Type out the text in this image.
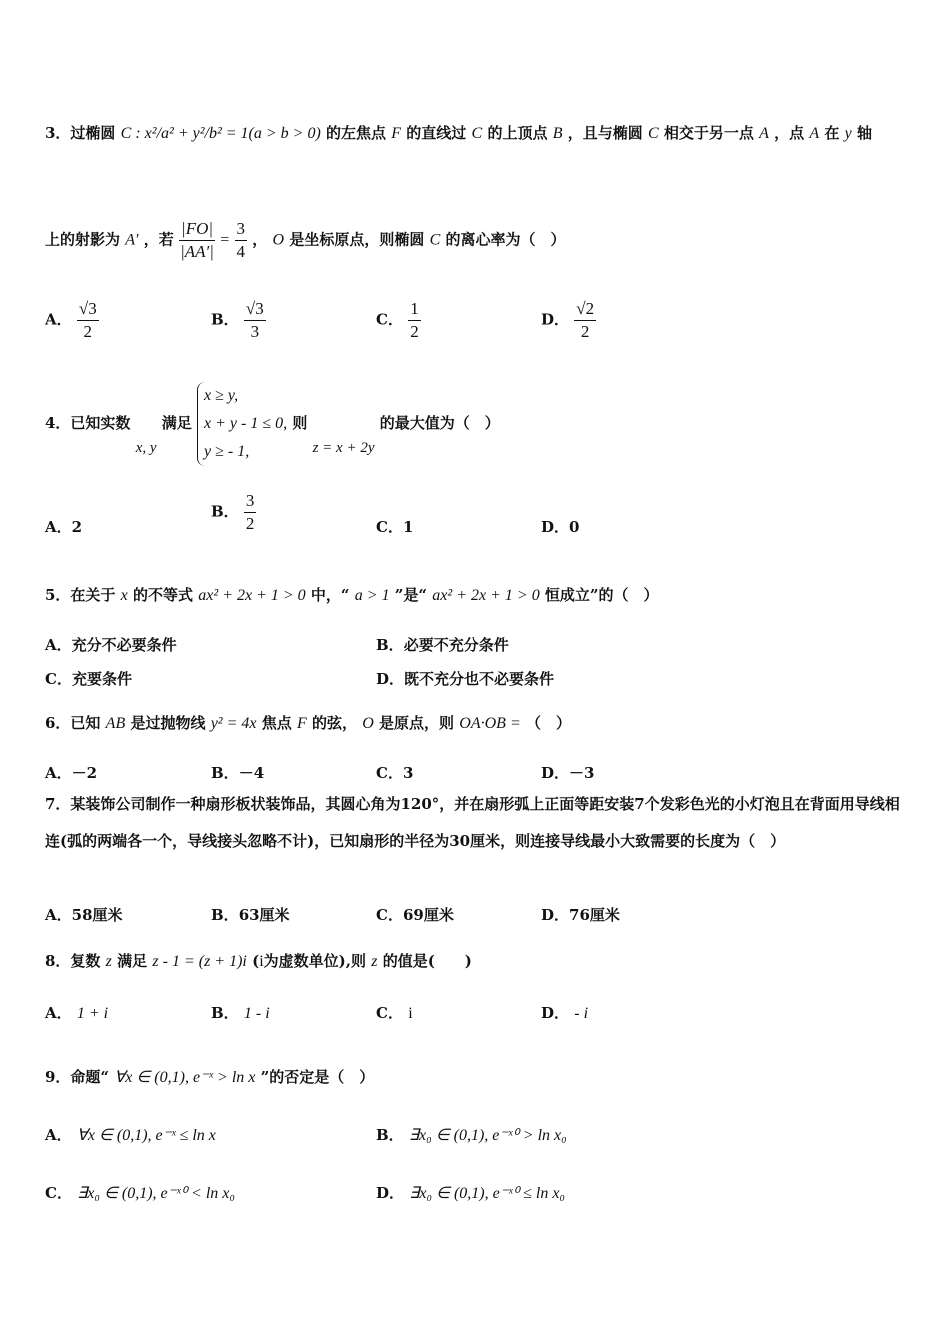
3．过椭圆 C : x²/a² + y²/b² = 1(a > b > 0) 的左焦点 F 的直线过 C 的上顶点 B ，且与椭圆 C 相交于另一点 A ，点 A 在 y 轴
上的射影为 A′ ，若 $\frac{|FO|}{|AA'|} = \frac{3}{4}$ ， O 是坐标原点，则椭圆 C 的离心率为（　）
A． $\frac{√3}{2}$	B． $\frac{√3}{3}$	C． $\frac{1}{2}$	D． $\frac{√2}{2}$
4．已知实数 x, y 满足
x ≥ y,
x + y - 1 ≤ 0,
y ≥ - 1,
则 z = x + 2y 的最大值为（　）
A．2
B． $\frac{3}{2}$	C．1	D．0
5．在关于 x 的不等式 ax² + 2x + 1 > 0 中，“ a > 1 ”是“ ax² + 2x + 1 > 0 恒成立”的（　）
A．充分不必要条件	B．必要不充分条件
C．充要条件	D．既不充分也不必要条件
6．已知 AB 是过抛物线 y² = 4x 焦点 F 的弦， O 是原点，则 OA·OB = （　）
A．－2	B．－4	C．3	D．－3
7．某装饰公司制作一种扇形板状装饰品，其圆心角为120°，并在扇形弧上正面等距安装7个发彩色光的小灯泡且在背面用导线相连(弧的两端各一个，导线接头忽略不计)，已知扇形的半径为30厘米，则连接导线最小大致需要的长度为（　）
A．58厘米	B．63厘米	C．69厘米	D．76厘米
8．复数 z 满足 z - 1 = (z + 1)i (i为虚数单位),则 z 的值是(　　)
A． 1 + i	B． 1 - i	C． i	D． - i
9．命题“ ∀x ∈ (0,1), e⁻ˣ > ln x ”的否定是（　）
A． ∀x ∈ (0,1), e⁻ˣ ≤ ln x	B． ∃x₀ ∈ (0,1), e⁻ˣ⁰ > ln x₀
C． ∃x₀ ∈ (0,1), e⁻ˣ⁰ < ln x₀	D． ∃x₀ ∈ (0,1), e⁻ˣ⁰ ≤ ln x₀
